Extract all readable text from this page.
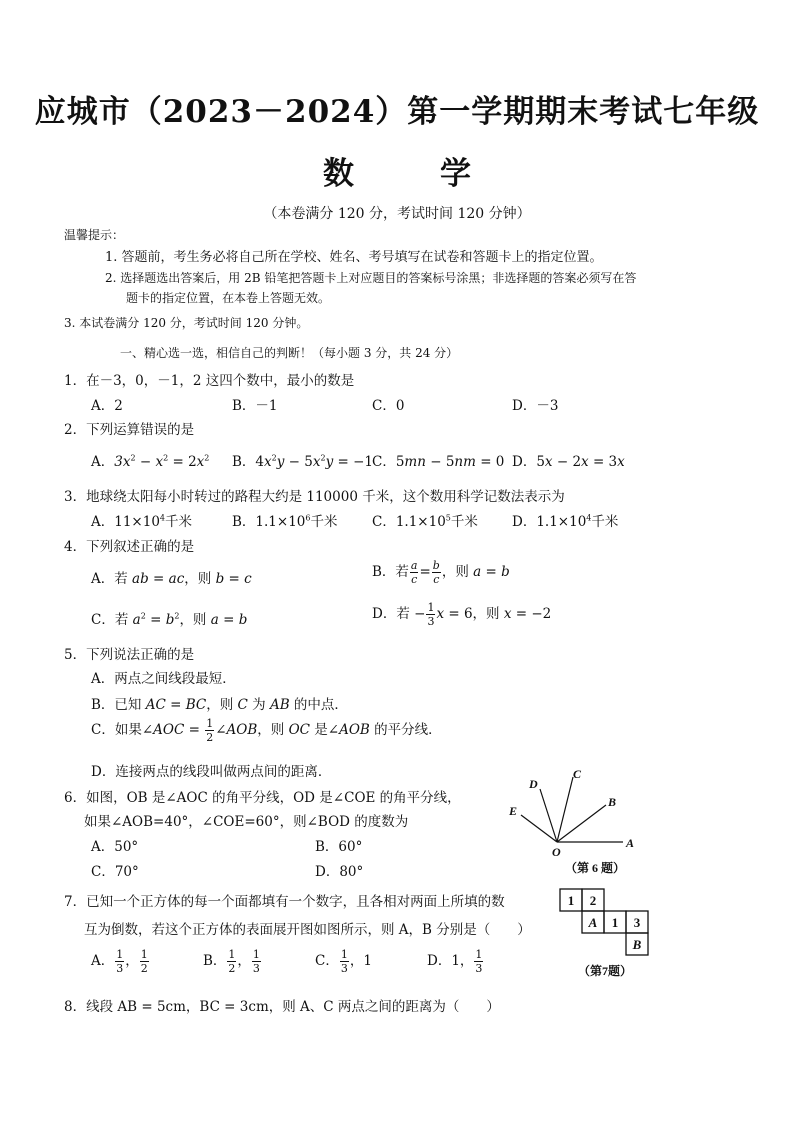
应城市（2023－2024）第一学期期末考试七年级
数	学
（本卷满分 120 分，考试时间 120 分钟）
温馨提示：
1. 答题前，考生务必将自己所在学校、姓名、考号填写在试卷和答题卡上的指定位置。
2. 选择题选出答案后，用 2B 铅笔把答题卡上对应题目的答案标号涂黑；非选择题的答案必须写在答
题卡的指定位置，在本卷上答题无效。
3. 本试卷满分 120 分，考试时间 120 分钟。
一、精心选一选，相信自己的判断！（每小题 3 分，共 24 分）
1．在－3，0，－1，2 这四个数中，最小的数是
A．2	B．－1	C．0	D．－3
2．下列运算错误的是
A．$3x^2 - x^2 = 2x^2$ B．$4x^2y - 5x^2y = -1$
C．5mn − 5nm = 0 D．5x − 2x = 3x
3．地球绕太阳每小时转过的路程大约是 110000 千米，这个数用科学记数法表示为
A．$11\times 10^4$千米	B．$1.1\times 10^6$千米	C．$1.1\times 10^5$千米	D．$1.1\times 10^4$千米
4．下列叙述正确的是
A．若 ab = ac，则 b = c	B．若 $\frac{a}{c} = \frac{b}{c}$ ，则 a = b
C．若 $a^2 = b^2$，则 a = b	D．若 − $\frac{1}{3}$ x = 6，则 x = −2
5．下列说法正确的是
A．两点之间线段最短．
B．已知 AC = BC，则 C 为 AB 的中点．
C．如果∠AOC = $\frac{1}{2}$ ∠AOB，则 OC 是∠AOB 的平分线．
D．连接两点的线段叫做两点间的距离．
6．如图，OB 是∠AOC 的角平分线，OD 是∠COE 的角平分线，
如果∠AOB=40°，∠COE=60°，则∠BOD 的度数为
A．50°	B．60°
C．70°	D．80°
D
C
B
E
A
O
（第 6 题）
7．已知一个正方体的每一个面都填有一个数字，且各相对两面上所填的数
互为倒数，若这个正方体的表面展开图如图所示，则 A，B 分别是（　　）
A． $\frac{1}{3}$ ， $\frac{1}{2}$	B． $\frac{1}{2}$ ， $\frac{1}{3}$	C． $\frac{1}{3}$ ，1	D．1， $\frac{1}{3}$
1 2
A 1 3
B
（第7题）
8．线段 AB = 5cm，BC = 3cm，则 A、C 两点之间的距离为（　　）
